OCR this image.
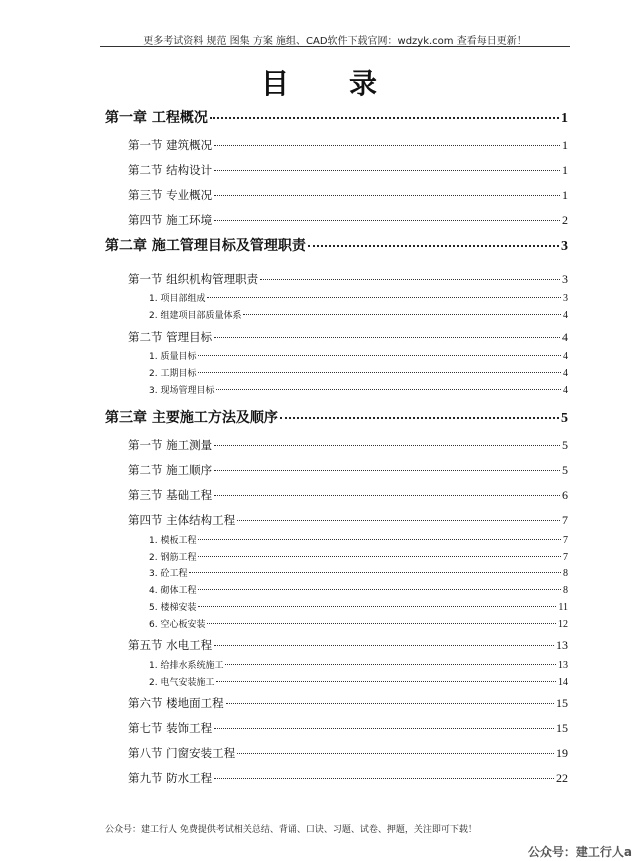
更多考试资料 规范 图集 方案 施组、CAD软件下载官网：wdzyk.com 查看每日更新！
目录
第一章 工程概况	1
第一节 建筑概况	1
第二节 结构设计	1
第三节 专业概况	1
第四节 施工环境	2
第二章 施工管理目标及管理职责	3
第一节 组织机构管理职责	3
1. 项目部组成	3
2. 组建项目部质量体系	4
第二节 管理目标	4
1. 质量目标	4
2. 工期目标	4
3. 现场管理目标	4
第三章 主要施工方法及顺序	5
第一节 施工测量	5
第二节 施工顺序	5
第三节 基础工程	6
第四节 主体结构工程	7
1. 模板工程	7
2. 钢筋工程	7
3. 砼工程	8
4. 砌体工程	8
5. 楼梯安装	11
6. 空心板安装	12
第五节 水电工程	13
1. 给排水系统施工	13
2. 电气安装施工	14
第六节 楼地面工程	15
第七节 装饰工程	15
第八节 门窗安装工程	19
第九节 防水工程	22
公众号：建工行人 免费提供考试相关总结、背诵、口诀、习题、试卷、押题，关注即可下载！
公众号：建工行人a
